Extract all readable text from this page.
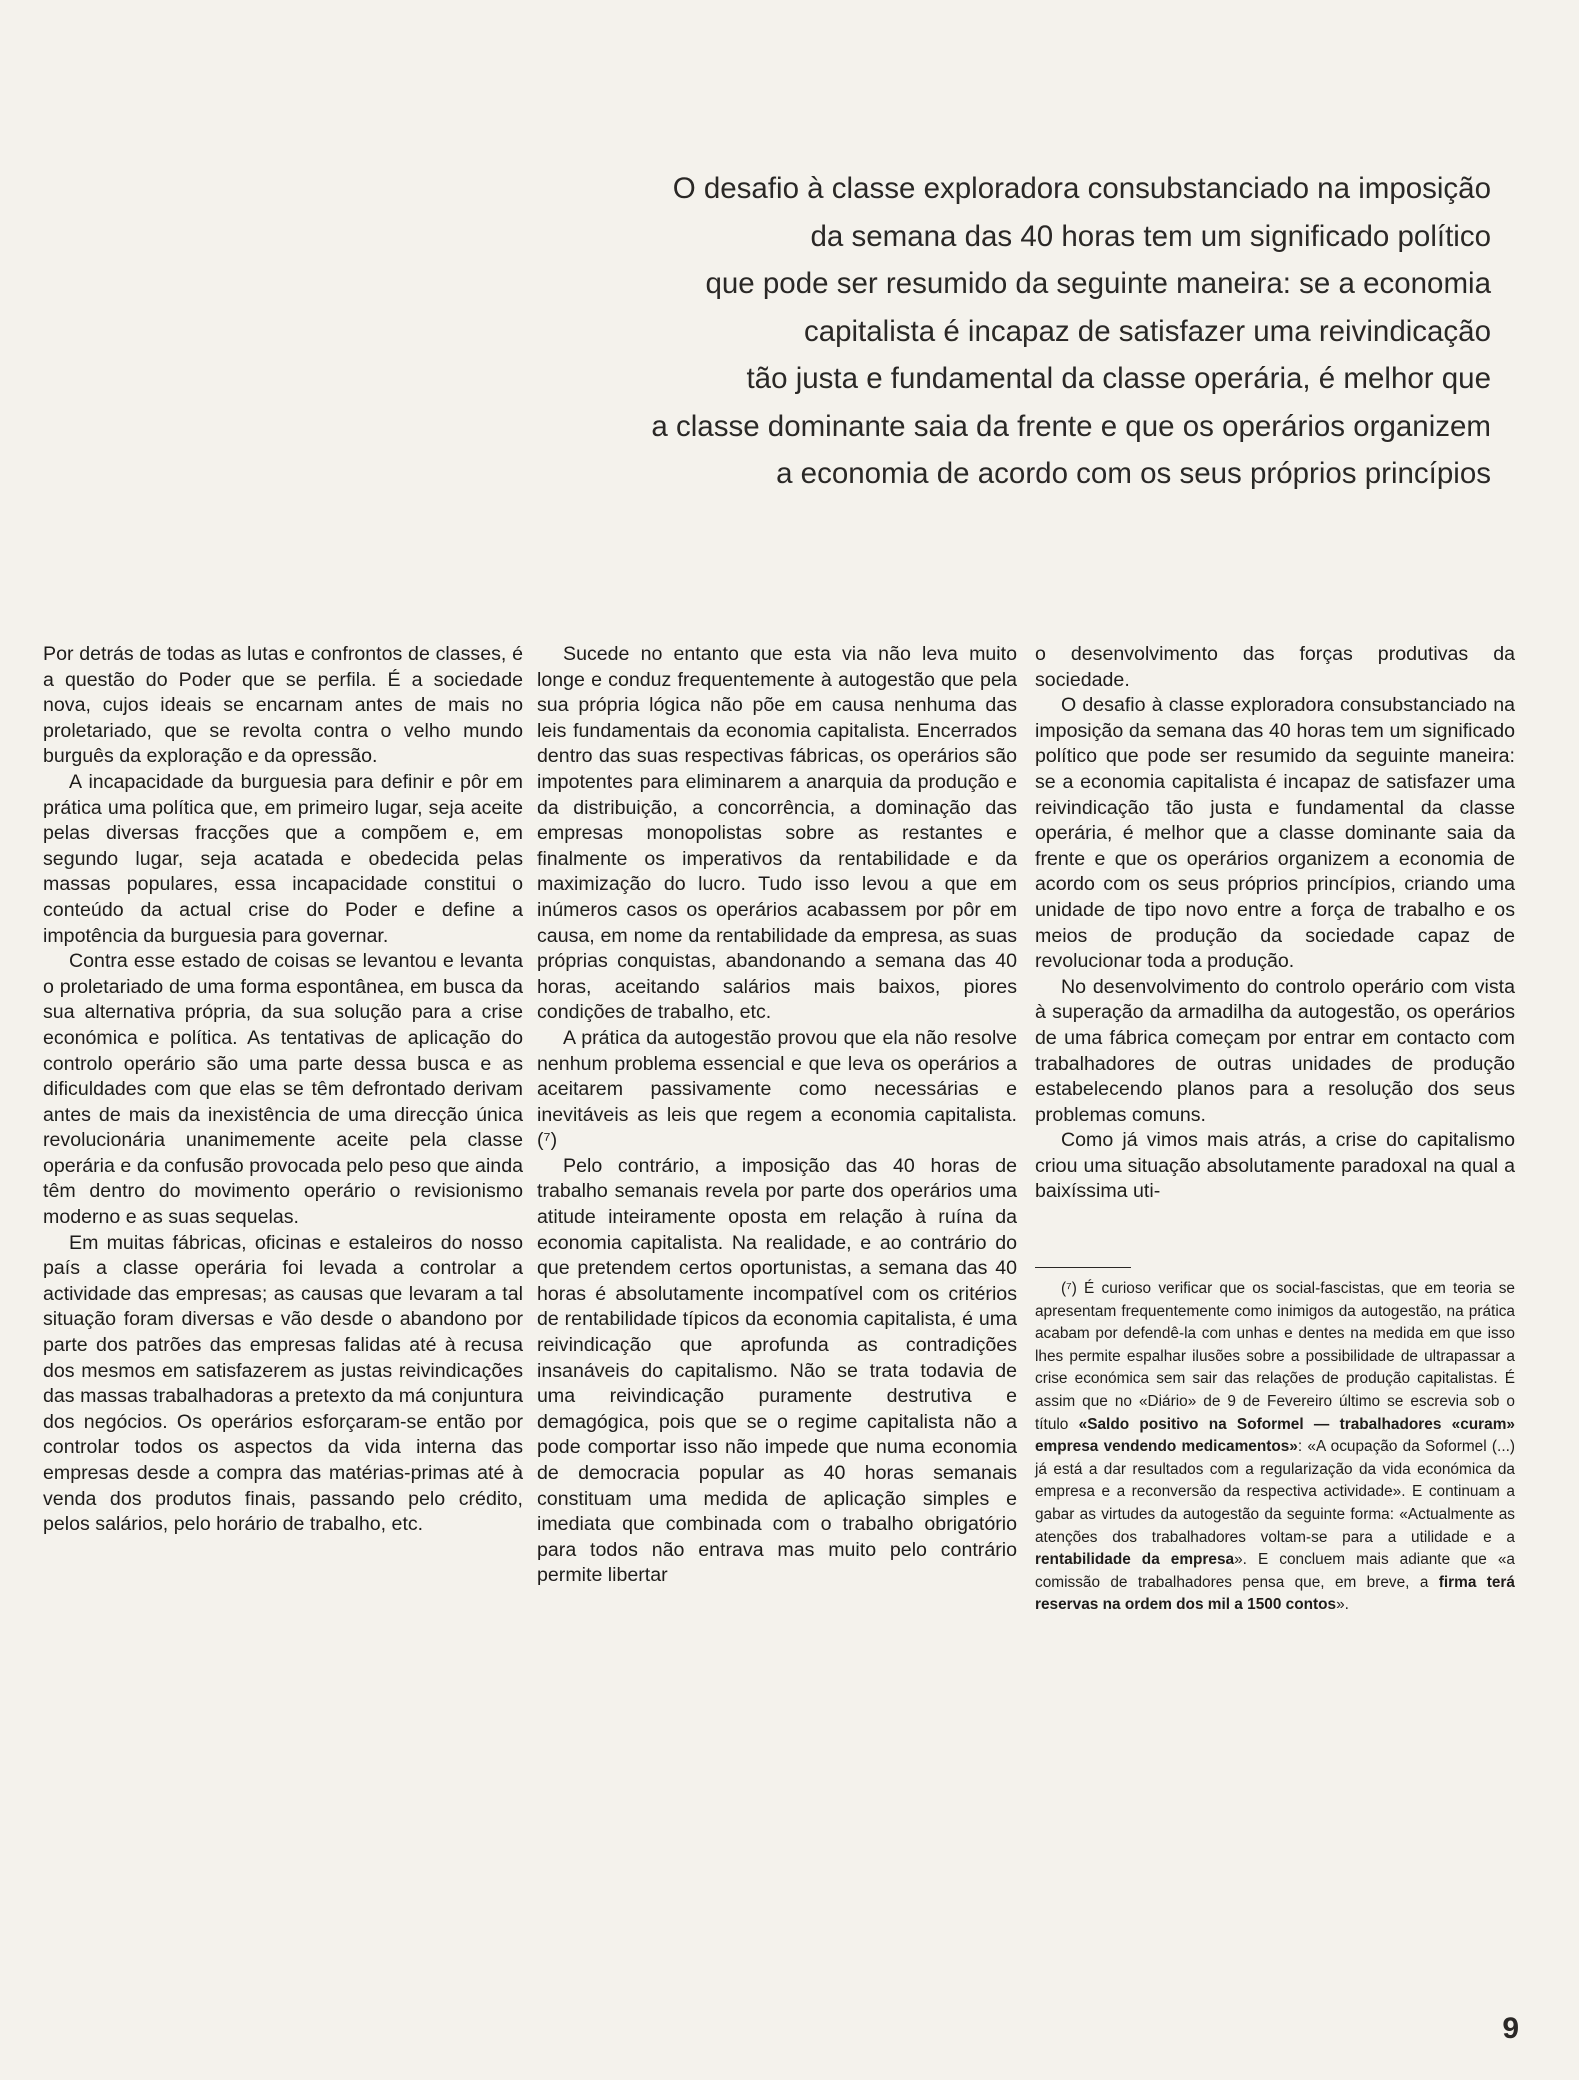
O desafio à classe exploradora consubstanciado na imposição
da semana das 40 horas tem um significado político
que pode ser resumido da seguinte maneira: se a economia
capitalista é incapaz de satisfazer uma reivindicação
tão justa e fundamental da classe operária, é melhor que
a classe dominante saia da frente e que os operários organizem
a economia de acordo com os seus próprios princípios

Por detrás de todas as lutas e confrontos de classes, é a questão do Poder que se perfila. É a sociedade nova, cujos ideais se encarnam antes de mais no proletariado, que se revolta contra o velho mundo burguês da exploração e da opressão.

A incapacidade da burguesia para definir e pôr em prática uma política que, em primeiro lugar, seja aceite pelas diversas fracções que a compõem e, em segundo lugar, seja acatada e obedecida pelas massas populares, essa incapacidade constitui o conteúdo da actual crise do Poder e define a impotência da burguesia para governar.

Contra esse estado de coisas se levantou e levanta o proletariado de uma forma espontânea, em busca da sua alternativa própria, da sua solução para a crise económica e política. As tentativas de aplicação do controlo operário são uma parte dessa busca e as dificuldades com que elas se têm defrontado derivam antes de mais da inexistência de uma direcção única revolucionária unanimemente aceite pela classe operária e da confusão provocada pelo peso que ainda têm dentro do movimento operário o revisionismo moderno e as suas sequelas.

Em muitas fábricas, oficinas e estaleiros do nosso país a classe operária foi levada a controlar a actividade das empresas; as causas que levaram a tal situação foram diversas e vão desde o abandono por parte dos patrões das empresas falidas até à recusa dos mesmos em satisfazerem as justas reivindicações das massas trabalhadoras a pretexto da má conjuntura dos negócios. Os operários esforçaram-se então por controlar todos os aspectos da vida interna das empresas desde a compra das matérias-primas até à venda dos produtos finais, passando pelo crédito, pelos salários, pelo horário de trabalho, etc.

Sucede no entanto que esta via não leva muito longe e conduz frequentemente à autogestão que pela sua própria lógica não põe em causa nenhuma das leis fundamentais da economia capitalista. Encerrados dentro das suas respectivas fábricas, os operários são impotentes para eliminarem a anarquia da produção e da distribuição, a concorrência, a dominação das empresas monopolistas sobre as restantes e finalmente os imperativos da rentabilidade e da maximização do lucro. Tudo isso levou a que em inúmeros casos os operários acabassem por pôr em causa, em nome da rentabilidade da empresa, as suas próprias conquistas, abandonando a semana das 40 horas, aceitando salários mais baixos, piores condições de trabalho, etc.

A prática da autogestão provou que ela não resolve nenhum problema essencial e que leva os operários a aceitarem passivamente como necessárias e inevitáveis as leis que regem a economia capitalista. (⁷)

Pelo contrário, a imposição das 40 horas de trabalho semanais revela por parte dos operários uma atitude inteiramente oposta em relação à ruína da economia capitalista. Na realidade, e ao contrário do que pretendem certos oportunistas, a semana das 40 horas é absolutamente incompatível com os critérios de rentabilidade típicos da economia capitalista, é uma reivindicação que aprofunda as contradições insanáveis do capitalismo. Não se trata todavia de uma reivindicação puramente destrutiva e demagógica, pois que se o regime capitalista não a pode comportar isso não impede que numa economia de democracia popular as 40 horas semanais constituam uma medida de aplicação simples e imediata que combinada com o trabalho obrigatório para todos não entrava mas muito pelo contrário permite libertar

o desenvolvimento das forças produtivas da sociedade.

O desafio à classe exploradora consubstanciado na imposição da semana das 40 horas tem um significado político que pode ser resumido da seguinte maneira: se a economia capitalista é incapaz de satisfazer uma reivindicação tão justa e fundamental da classe operária, é melhor que a classe dominante saia da frente e que os operários organizem a economia de acordo com os seus próprios princípios, criando uma unidade de tipo novo entre a força de trabalho e os meios de produção da sociedade capaz de revolucionar toda a produção.

No desenvolvimento do controlo operário com vista à superação da armadilha da autogestão, os operários de uma fábrica começam por entrar em contacto com trabalhadores de outras unidades de produção estabelecendo planos para a resolução dos seus problemas comuns.

Como já vimos mais atrás, a crise do capitalismo criou uma situação absolutamente paradoxal na qual a baixíssima uti-

(⁷) É curioso verificar que os social-fascistas, que em teoria se apresentam frequentemente como inimigos da autogestão, na prática acabam por defendê-la com unhas e dentes na medida em que isso lhes permite espalhar ilusões sobre a possibilidade de ultrapassar a crise económica sem sair das relações de produção capitalistas. É assim que no «Diário» de 9 de Fevereiro último se escrevia sob o título «Saldo positivo na Soformel — trabalhadores «curam» empresa vendendo medicamentos»: «A ocupação da Soformel (...) já está a dar resultados com a regularização da vida económica da empresa e a reconversão da respectiva actividade». E continuam a gabar as virtudes da autogestão da seguinte forma: «Actualmente as atenções dos trabalhadores voltam-se para a utilidade e a rentabilidade da empresa». E concluem mais adiante que «a comissão de trabalhadores pensa que, em breve, a firma terá reservas na ordem dos mil a 1500 contos».

9
